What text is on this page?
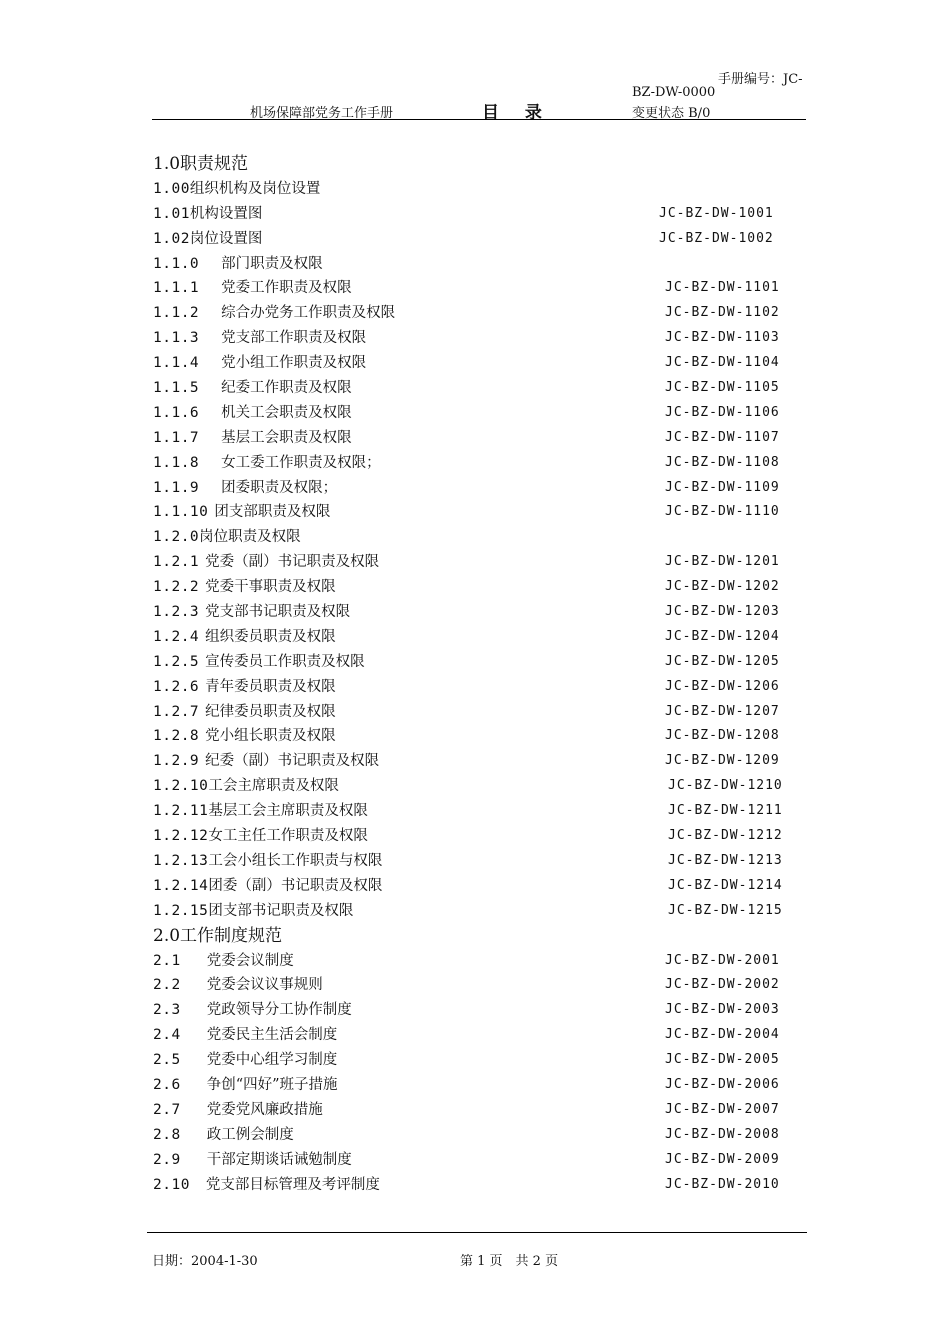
手册编号：JC-
BZ-DW-0000
机场保障部党务工作手册	目 录	变更状态 B/0
1.0职责规范
1.00组织机构及岗位设置
1.01机构设置图	JC-BZ-DW-1001
1.02岗位设置图	JC-BZ-DW-1002
1.1.0 部门职责及权限
1.1.1 党委工作职责及权限	JC-BZ-DW-1101
1.1.2 综合办党务工作职责及权限	JC-BZ-DW-1102
1.1.3 党支部工作职责及权限	JC-BZ-DW-1103
1.1.4 党小组工作职责及权限	JC-BZ-DW-1104
1.1.5 纪委工作职责及权限	JC-BZ-DW-1105
1.1.6 机关工会职责及权限	JC-BZ-DW-1106
1.1.7 基层工会职责及权限	JC-BZ-DW-1107
1.1.8 女工委工作职责及权限；	JC-BZ-DW-1108
1.1.9 团委职责及权限；	JC-BZ-DW-1109
1.1.10 团支部职责及权限	JC-BZ-DW-1110
1.2.0岗位职责及权限
1.2.1 党委（副）书记职责及权限	JC-BZ-DW-1201
1.2.2 党委干事职责及权限	JC-BZ-DW-1202
1.2.3 党支部书记职责及权限	JC-BZ-DW-1203
1.2.4 组织委员职责及权限	JC-BZ-DW-1204
1.2.5 宣传委员工作职责及权限	JC-BZ-DW-1205
1.2.6 青年委员职责及权限	JC-BZ-DW-1206
1.2.7 纪律委员职责及权限	JC-BZ-DW-1207
1.2.8 党小组长职责及权限	JC-BZ-DW-1208
1.2.9 纪委（副）书记职责及权限	JC-BZ-DW-1209
1.2.10工会主席职责及权限	JC-BZ-DW-1210
1.2.11基层工会主席职责及权限	JC-BZ-DW-1211
1.2.12女工主任工作职责及权限	JC-BZ-DW-1212
1.2.13工会小组长工作职责与权限	JC-BZ-DW-1213
1.2.14团委（副）书记职责及权限	JC-BZ-DW-1214
1.2.15团支部书记职责及权限	JC-BZ-DW-1215
2.0工作制度规范
2.1 党委会议制度	JC-BZ-DW-2001
2.2 党委会议议事规则	JC-BZ-DW-2002
2.3 党政领导分工协作制度	JC-BZ-DW-2003
2.4 党委民主生活会制度	JC-BZ-DW-2004
2.5 党委中心组学习制度	JC-BZ-DW-2005
2.6 争创“四好”班子措施	JC-BZ-DW-2006
2.7 党委党风廉政措施	JC-BZ-DW-2007
2.8 政工例会制度	JC-BZ-DW-2008
2.9 干部定期谈话诫勉制度	JC-BZ-DW-2009
2.10 党支部目标管理及考评制度	JC-BZ-DW-2010
日期：2004-1-30	第 1 页　共 2 页
